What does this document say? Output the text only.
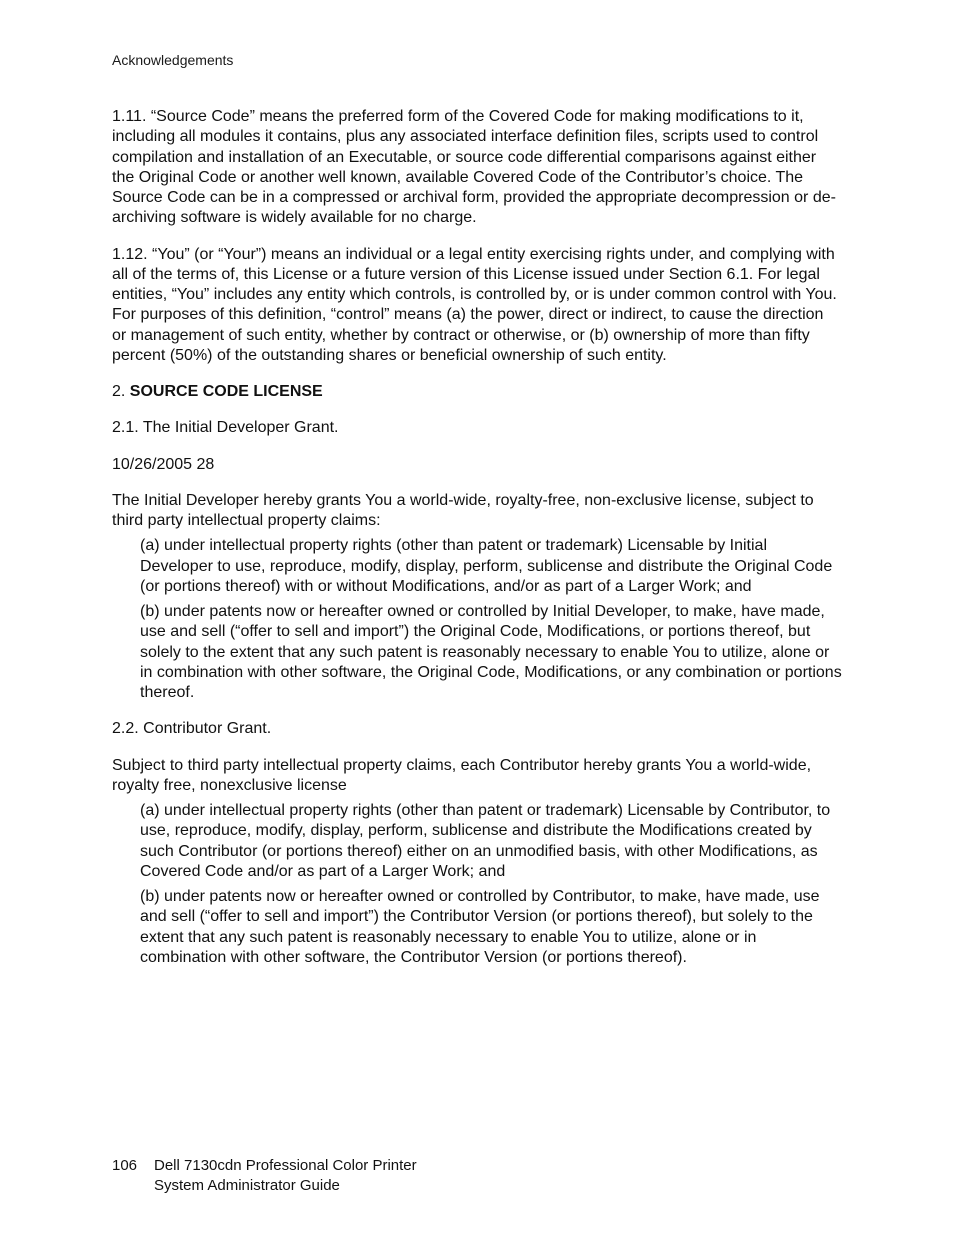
Acknowledgements

1.11. “Source Code” means the preferred form of the Covered Code for making modifications to it, including all modules it contains, plus any associated interface definition files, scripts used to control compilation and installation of an Executable, or source code differential comparisons against either the Original Code or another well known, available Covered Code of the Contributor’s choice. The Source Code can be in a compressed or archival form, provided the appropriate decompression or de-archiving software is widely available for no charge.

1.12. “You” (or “Your”) means an individual or a legal entity exercising rights under, and complying with all of the terms of, this License or a future version of this License issued under Section 6.1. For legal entities, “You” includes any entity which controls, is controlled by, or is under common control with You. For purposes of this definition, “control” means (a) the power, direct or indirect, to cause the direction or management of such entity, whether by contract or otherwise, or (b) ownership of more than fifty percent (50%) of the outstanding shares or beneficial ownership of such entity.

2. SOURCE CODE LICENSE

2.1. The Initial Developer Grant.

10/26/2005 28

The Initial Developer hereby grants You a world-wide, royalty-free, non-exclusive license, subject to third party intellectual property claims:

(a) under intellectual property rights (other than patent or trademark) Licensable by Initial Developer to use, reproduce, modify, display, perform, sublicense and distribute the Original Code (or portions thereof) with or without Modifications, and/or as part of a Larger Work; and

(b) under patents now or hereafter owned or controlled by Initial Developer, to make, have made, use and sell (“offer to sell and import”) the Original Code, Modifications, or portions thereof, but solely to the extent that any such patent is reasonably necessary to enable You to utilize, alone or in combination with other software, the Original Code, Modifications, or any combination or portions thereof.

2.2. Contributor Grant.

Subject to third party intellectual property claims, each Contributor hereby grants You a world-wide, royalty free, nonexclusive license

(a) under intellectual property rights (other than patent or trademark) Licensable by Contributor, to use, reproduce, modify, display, perform, sublicense and distribute the Modifications created by such Contributor (or portions thereof) either on an unmodified basis, with other Modifications, as Covered Code and/or as part of a Larger Work; and

(b) under patents now or hereafter owned or controlled by Contributor, to make, have made, use and sell (“offer to sell and import”) the Contributor Version (or portions thereof), but solely to the extent that any such patent is reasonably necessary to enable You to utilize, alone or in combination with other software, the Contributor Version (or portions thereof).

106 Dell 7130cdn Professional Color Printer
System Administrator Guide
